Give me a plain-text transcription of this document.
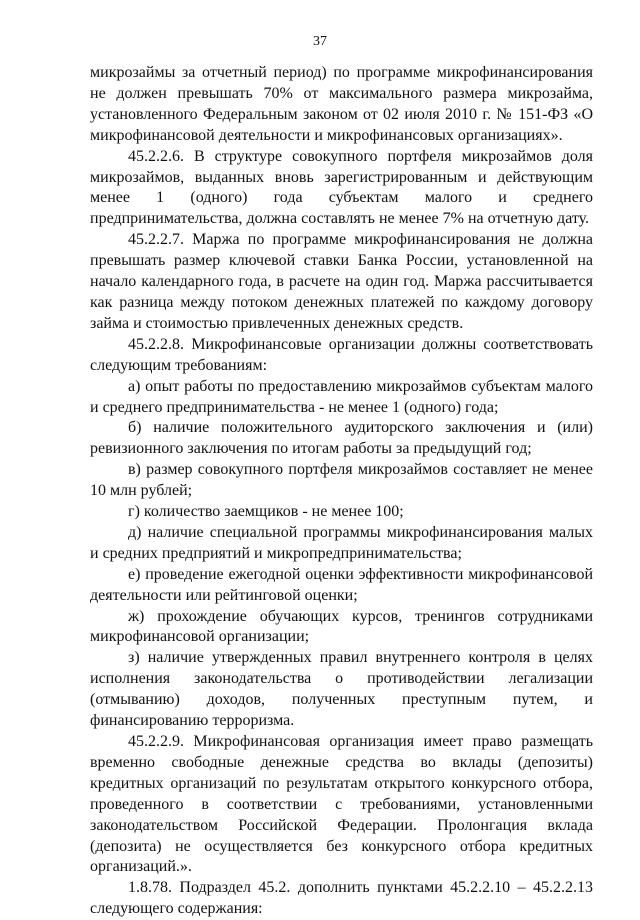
37

микрозаймы за отчетный период) по программе микрофинансирования не должен превышать 70% от максимального размера микрозайма, установленного Федеральным законом от 02 июля 2010 г. № 151-ФЗ «О микрофинансовой деятельности и микрофинансовых организациях».

45.2.2.6. В структуре совокупного портфеля микрозаймов доля микрозаймов, выданных вновь зарегистрированным и действующим менее 1 (одного) года субъектам малого и среднего предпринимательства, должна составлять не менее 7% на отчетную дату.

45.2.2.7. Маржа по программе микрофинансирования не должна превышать размер ключевой ставки Банка России, установленной на начало календарного года, в расчете на один год. Маржа рассчитывается как разница между потоком денежных платежей по каждому договору займа и стоимостью привлеченных денежных средств.

45.2.2.8. Микрофинансовые организации должны соответствовать следующим требованиям:

а) опыт работы по предоставлению микрозаймов субъектам малого и среднего предпринимательства - не менее 1 (одного) года;

б) наличие положительного аудиторского заключения и (или) ревизионного заключения по итогам работы за предыдущий год;

в) размер совокупного портфеля микрозаймов составляет не менее 10 млн рублей;

г) количество заемщиков - не менее 100;

д) наличие специальной программы микрофинансирования малых и средних предприятий и микропредпринимательства;

е) проведение ежегодной оценки эффективности микрофинансовой деятельности или рейтинговой оценки;

ж) прохождение обучающих курсов, тренингов сотрудниками микрофинансовой организации;

з) наличие утвержденных правил внутреннего контроля в целях исполнения законодательства о противодействии легализации (отмыванию) доходов, полученных преступным путем, и финансированию терроризма.

45.2.2.9. Микрофинансовая организация имеет право размещать временно свободные денежные средства во вклады (депозиты) кредитных организаций по результатам открытого конкурсного отбора, проведенного в соответствии с требованиями, установленными законодательством Российской Федерации. Пролонгация вклада (депозита) не осуществляется без конкурсного отбора кредитных организаций.».

1.8.78. Подраздел 45.2. дополнить пунктами 45.2.2.10 – 45.2.2.13 следующего содержания:
